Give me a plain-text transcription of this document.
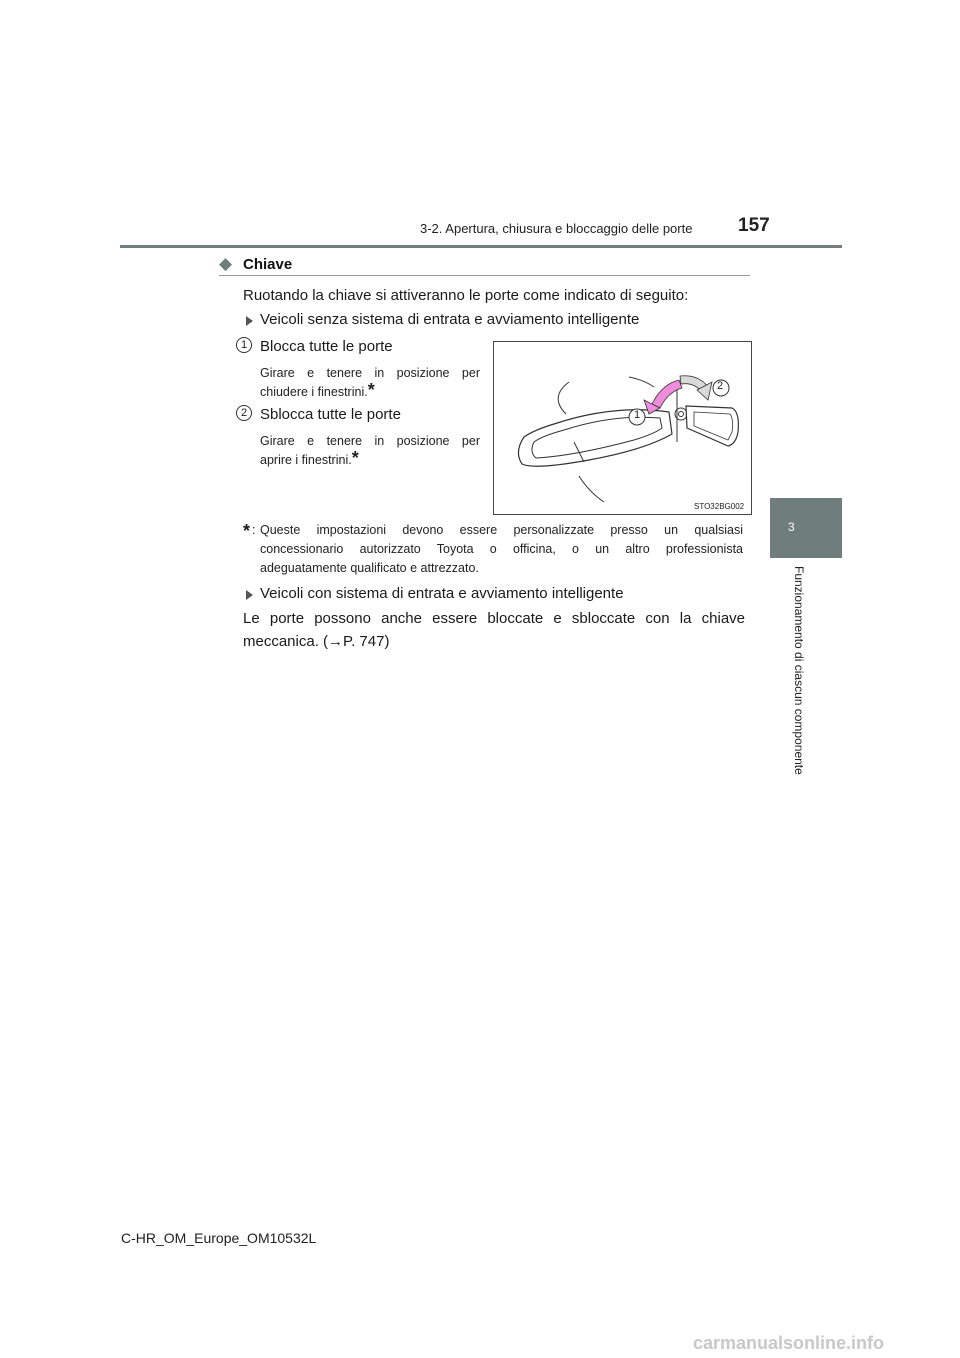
3-2. Apertura, chiusura e bloccaggio delle porte	157
3
Funzionamento di ciascun componente
◆ Chiave
Ruotando la chiave si attiveranno le porte come indicato di seguito:
Veicoli senza sistema di entrata e avviamento intelligente
1 Blocca tutte le porte
Girare e tenere in posizione per
chiudere i finestrini.*
2 Sblocca tutte le porte
Girare e tenere in posizione per
aprire i finestrini.*
1
2
STO32BG002
* : Queste impostazioni devono essere personalizzate presso un qualsiasi
concessionario autorizzato Toyota o officina, o un altro professionista
adeguatamente qualificato e attrezzato.
Veicoli con sistema di entrata e avviamento intelligente
Le porte possono anche essere bloccate e sbloccate con la chiave
meccanica. (→P. 747)
C-HR_OM_Europe_OM10532L
carmanualsonline.info
